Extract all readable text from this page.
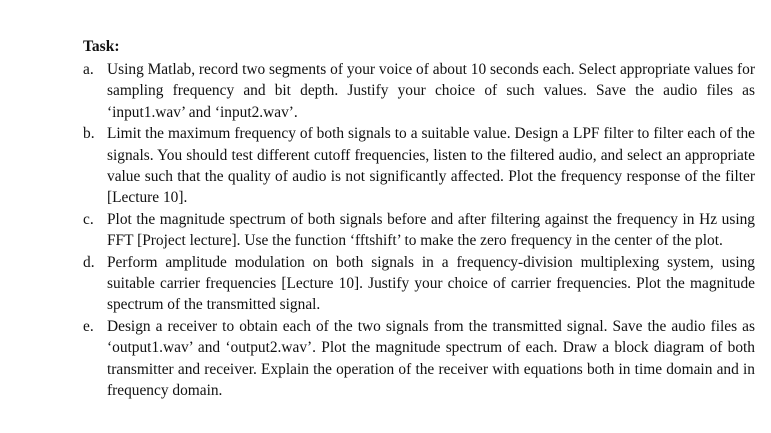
Task:
a. Using Matlab, record two segments of your voice of about 10 seconds each. Select appropriate values for sampling frequency and bit depth. Justify your choice of such values. Save the audio files as ‘input1.wav’ and ‘input2.wav’.
b. Limit the maximum frequency of both signals to a suitable value. Design a LPF filter to filter each of the signals. You should test different cutoff frequencies, listen to the filtered audio, and select an appropriate value such that the quality of audio is not significantly affected. Plot the frequency response of the filter [Lecture 10].
c. Plot the magnitude spectrum of both signals before and after filtering against the frequency in Hz using FFT [Project lecture]. Use the function ‘fftshift’ to make the zero frequency in the center of the plot.
d. Perform amplitude modulation on both signals in a frequency-division multiplexing system, using suitable carrier frequencies [Lecture 10]. Justify your choice of carrier frequencies. Plot the magnitude spectrum of the transmitted signal.
e. Design a receiver to obtain each of the two signals from the transmitted signal. Save the audio files as ‘output1.wav’ and ‘output2.wav’. Plot the magnitude spectrum of each. Draw a block diagram of both transmitter and receiver. Explain the operation of the receiver with equations both in time domain and in frequency domain.
